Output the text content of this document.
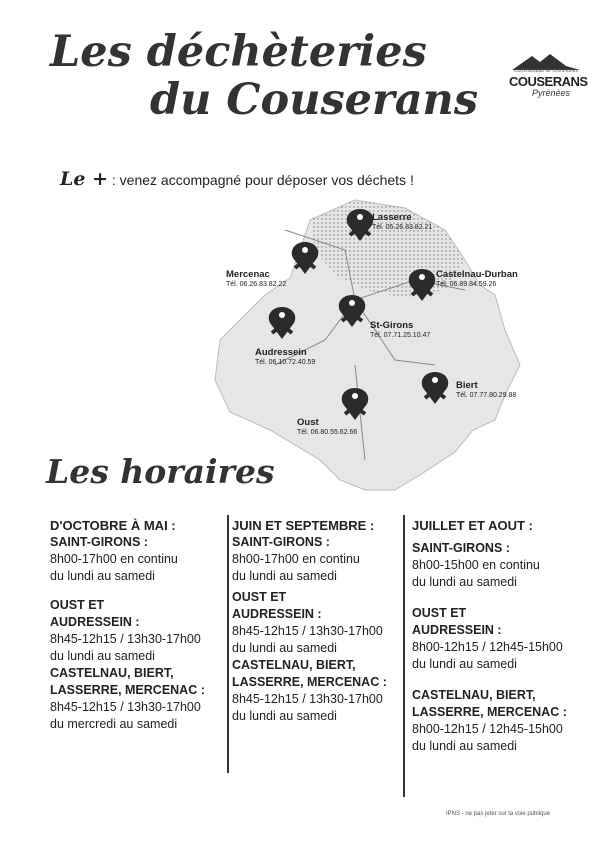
Les déchèteries
du Couserans
Communauté de Communes
COUSERANS
Pyrénées
Le + : venez accompagné pour déposer vos déchets !
Lasserre
Tél. 05.26.83.82.21
Mercenac
Tél. 06.26.83.82.22
Castelnau-Durban
Tél. 06.89.84.59.26
St-Girons
Tél. 07.71.25.10.47
Audressein
Tél. 06.10.72.40.59
Biert
Tél. 07.77.80.29.88
Oust
Tél. 06.80.55.62.66
Les horaires
D'OCTOBRE À MAI :
SAINT-GIRONS :
8h00-17h00 en continu
du lundi au samedi
OUST ET
AUDRESSEIN :
8h45-12h15 / 13h30-17h00
du lundi au samedi
CASTELNAU, BIERT,
LASSERRE, MERCENAC :
8h45-12h15 / 13h30-17h00
du mercredi au samedi
JUIN ET SEPTEMBRE :
SAINT-GIRONS :
8h00-17h00 en continu
du lundi au samedi
OUST ET
AUDRESSEIN :
8h45-12h15 / 13h30-17h00
du lundi au samedi
CASTELNAU, BIERT,
LASSERRE, MERCENAC :
8h45-12h15 / 13h30-17h00
du lundi au samedi
JUILLET ET AOUT :
SAINT-GIRONS :
8h00-15h00 en continu
du lundi au samedi
OUST ET
AUDRESSEIN :
8h00-12h15 / 12h45-15h00
du lundi au samedi
CASTELNAU, BIERT,
LASSERRE, MERCENAC :
8h00-12h15 / 12h45-15h00
du lundi au samedi
IPNS - ne pas jeter sur la voie publique
